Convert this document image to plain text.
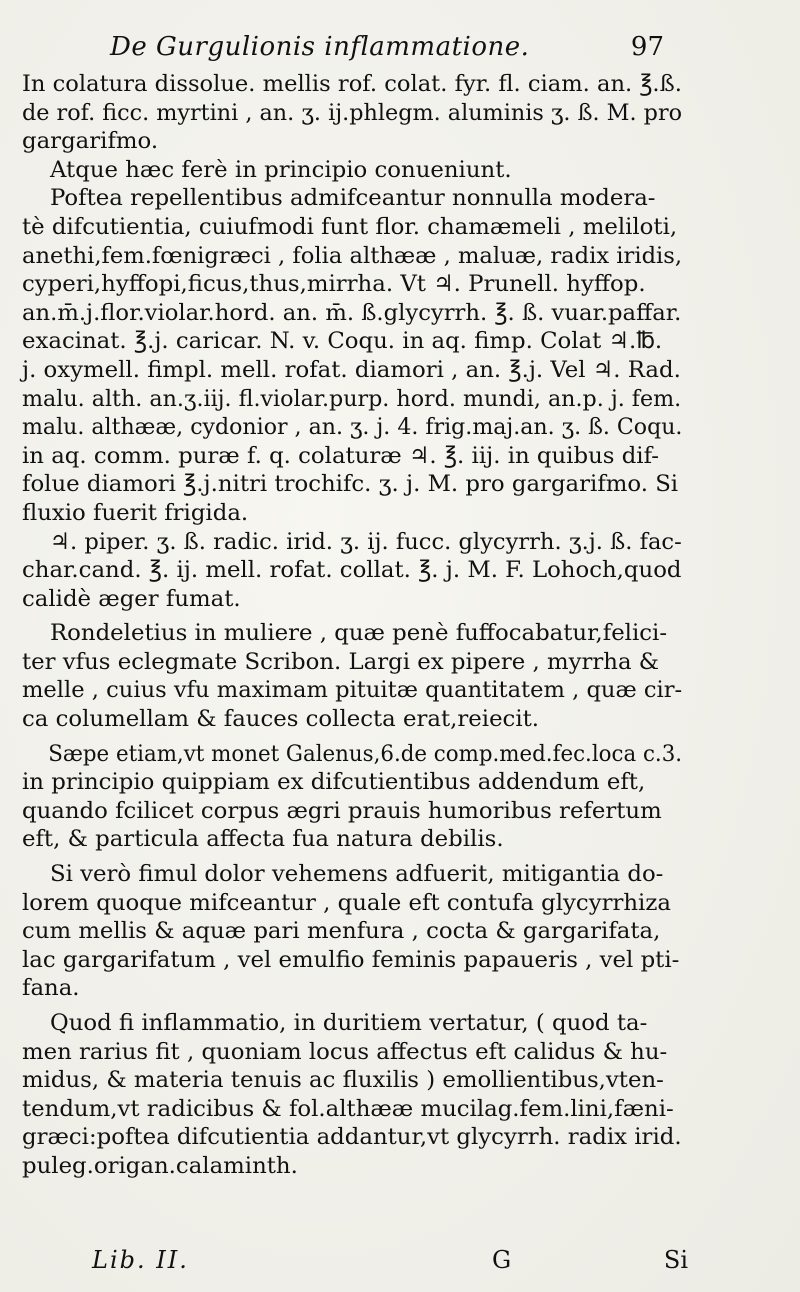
De Gurgulionis inflammatione.	97
In colatura dissolue. mellis rof. colat. fyr. fl. ciam. an. ℥.ß.
de rof. ficc. myrtini , an. ʒ. ij.phlegm. aluminis ʒ. ß. M. pro
gargarifmo.
Atque hæc ferè in principio conueniunt.
Poftea repellentibus admifceantur nonnulla modera-
tè difcutientia, cuiufmodi funt flor. chamæmeli , meliloti,
anethi,fem.fœnigræci , folia althææ , maluæ, radix iridis,
cyperi,hyffopi,ficus,thus,mirrha. Vt ♃. Prunell. hyffop.
an.m̄.j.flor.violar.hord. an. m̄. ß.glycyrrh. ℥. ß. vuar.paffar.
exacinat. ℥.j. caricar. N. v. Coqu. in aq. fimp. Colat ♃.℔.
j. oxymell. fimpl. mell. rofat. diamori , an. ℥.j. Vel ♃. Rad.
malu. alth. an.ʒ.iij. fl.violar.purp. hord. mundi, an.p. j. fem.
malu. althææ, cydonior , an. ʒ. j. 4. frig.maj.an. ʒ. ß. Coqu.
in aq. comm. puræ f. q. colaturæ ♃. ℥. iij. in quibus dif-
folue diamori ℥.j.nitri trochifc. ʒ. j. M. pro gargarifmo. Si
fluxio fuerit frigida.
♃. piper. ʒ. ß. radic. irid. ʒ. ij. fucc. glycyrrh. ʒ.j. ß. fac-
char.cand. ℥. ij. mell. rofat. collat. ℥. j. M. F. Lohoch,quod
calidè æger fumat.
Rondeletius in muliere , quæ penè fuffocabatur,felici-
ter vfus eclegmate Scribon. Largi ex pipere , myrrha &
melle , cuius vfu maximam pituitæ quantitatem , quæ cir-
ca columellam & fauces collecta erat,reiecit.
Sæpe etiam,vt monet Galenus,6.de comp.med.fec.loca c.3.
in principio quippiam ex difcutientibus addendum eft,
quando fcilicet corpus ægri prauis humoribus refertum
eft, & particula affecta fua natura debilis.
Si verò fimul dolor vehemens adfuerit, mitigantia do-
lorem quoque mifceantur , quale eft contufa glycyrrhiza
cum mellis & aquæ pari menfura , cocta & gargarifata,
lac gargarifatum , vel emulfio feminis papaueris , vel pti-
fana.
Quod fi inflammatio, in duritiem vertatur, ( quod ta-
men rarius fit , quoniam locus affectus eft calidus & hu-
midus, & materia tenuis ac fluxilis ) emollientibus,vten-
tendum,vt radicibus & fol.althææ mucilag.fem.lini,fæni-
græci:poftea difcutientia addantur,vt glycyrrh. radix irid.
puleg.origan.calaminth.
Lib. II.	G	Si
